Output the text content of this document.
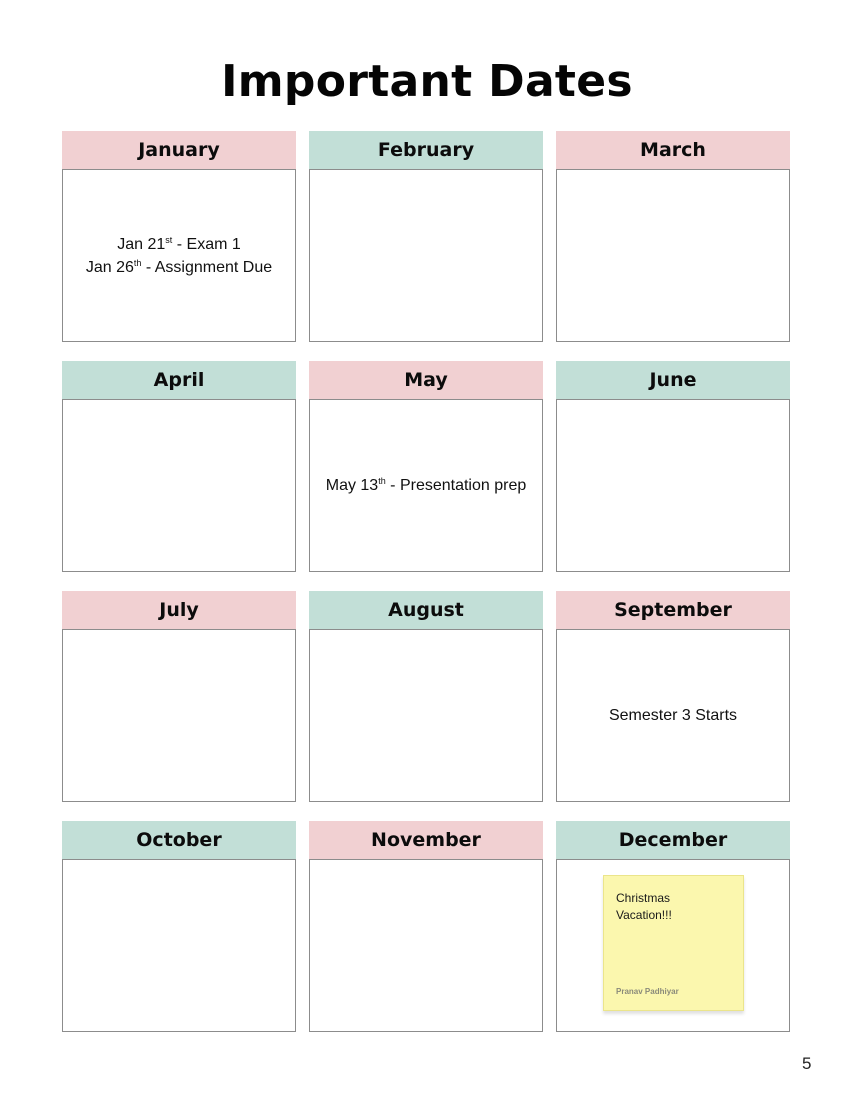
Important Dates
January
Jan 21st - Exam 1
Jan 26th - Assignment Due
February	March
April	May
May 13th - Presentation prep
June
July	August	September
Semester 3 Starts
October	November	December
Christmas Vacation!!!
Pranav Padhiyar
5
